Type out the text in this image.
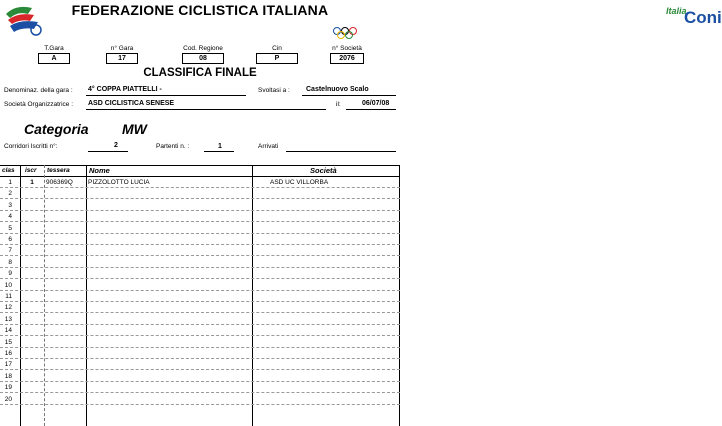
FEDERAZIONE CICLISTICA ITALIANA	Italia
Coni
T.Gara
A
n° Gara
17
Cod. Regione
08
Cin
P
n° Società
2076
CLASSIFICA FINALE
Denominaz. della gara : 4° COPPA PIATTELLI -	Svoltasi a : Castelnuovo Scalo
Società Organizzatrice : ASD CICLISTICA SENESE	il:	06/07/08
Categoria MW
Corridori Iscritti n°:	2	Partenti n. :	1	Arrivati
clas iscr tessera	Nome	Società
1	1	906369Q	PIZZOLOTTO LUCIA	ASD UC VILLORBA
2
3
4
5
6
7
8
9
10
11
12
13
14
15
16
17
18
19
20
